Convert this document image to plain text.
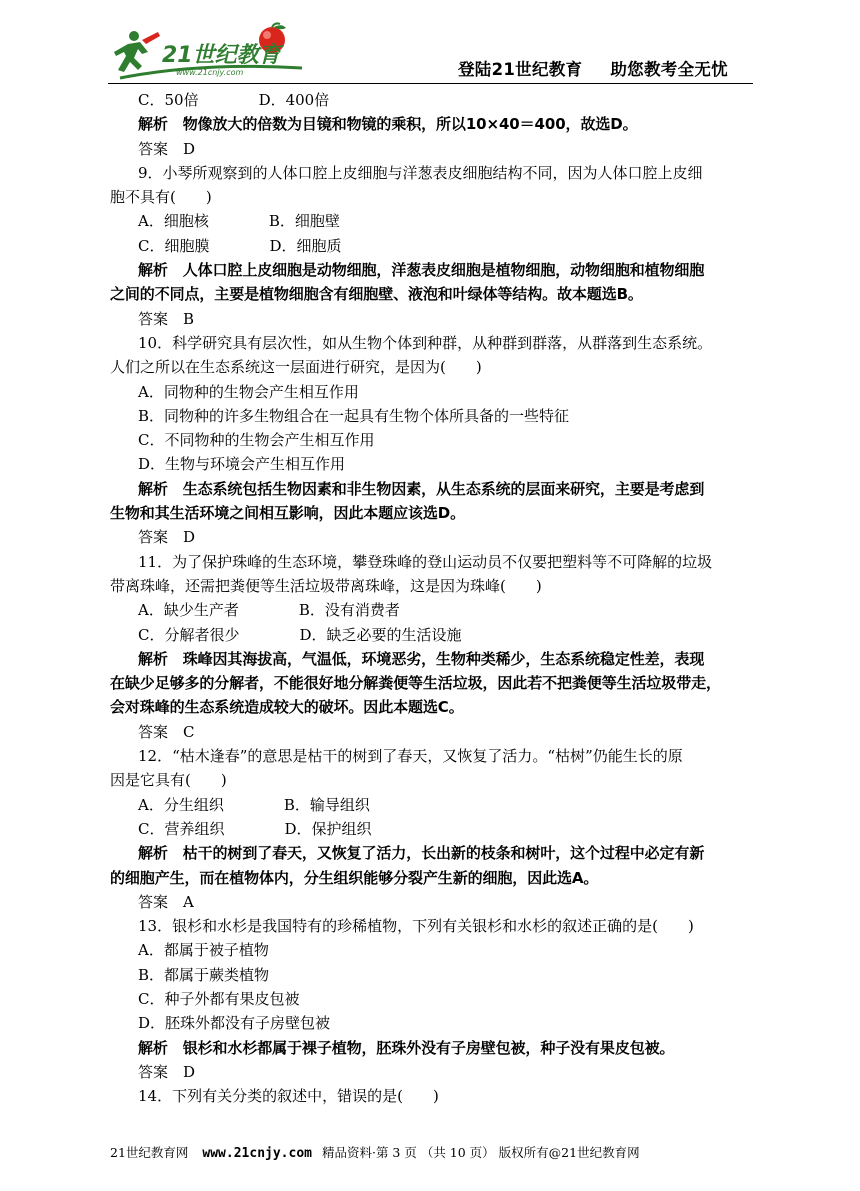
21世纪教育
www.21cnjy.com	登陆21世纪教育 助您教考全无忧
C．50倍　　　　D．400倍
解析　物像放大的倍数为目镜和物镜的乘积，所以10×40＝400，故选D。
答案　D
9．小琴所观察到的人体口腔上皮细胞与洋葱表皮细胞结构不同，因为人体口腔上皮细
胞不具有(　　)
A．细胞核　　　　B．细胞壁
C．细胞膜　　　　D．细胞质
解析　人体口腔上皮细胞是动物细胞，洋葱表皮细胞是植物细胞，动物细胞和植物细胞
之间的不同点，主要是植物细胞含有细胞壁、液泡和叶绿体等结构。故本题选B。
答案　B
10．科学研究具有层次性，如从生物个体到种群，从种群到群落，从群落到生态系统。
人们之所以在生态系统这一层面进行研究，是因为(　　)
A．同物种的生物会产生相互作用
B．同物种的许多生物组合在一起具有生物个体所具备的一些特征
C．不同物种的生物会产生相互作用
D．生物与环境会产生相互作用
解析　生态系统包括生物因素和非生物因素，从生态系统的层面来研究，主要是考虑到
生物和其生活环境之间相互影响，因此本题应该选D。
答案　D
11．为了保护珠峰的生态环境，攀登珠峰的登山运动员不仅要把塑料等不可降解的垃圾
带离珠峰，还需把粪便等生活垃圾带离珠峰，这是因为珠峰(　　)
A．缺少生产者　　　　B．没有消费者
C．分解者很少　　　　D．缺乏必要的生活设施
解析　珠峰因其海拔高，气温低，环境恶劣，生物种类稀少，生态系统稳定性差，表现
在缺少足够多的分解者，不能很好地分解粪便等生活垃圾，因此若不把粪便等生活垃圾带走，
会对珠峰的生态系统造成较大的破坏。因此本题选C。
答案　C
12．“枯木逢春”的意思是枯干的树到了春天，又恢复了活力。“枯树”仍能生长的原
因是它具有(　　)
A．分生组织　　　　B．输导组织
C．营养组织　　　　D．保护组织
解析　枯干的树到了春天，又恢复了活力，长出新的枝条和树叶，这个过程中必定有新
的细胞产生，而在植物体内，分生组织能够分裂产生新的细胞，因此选A。
答案　A
13．银杉和水杉是我国特有的珍稀植物，下列有关银杉和水杉的叙述正确的是(　　)
A．都属于被子植物
B．都属于蕨类植物
C．种子外都有果皮包被
D．胚珠外都没有子房壁包被
解析　银杉和水杉都属于裸子植物，胚珠外没有子房壁包被，种子没有果皮包被。
答案　D
14．下列有关分类的叙述中，错误的是(　　)
21世纪教育网 www.21cnjy.com 精品资料·第 3 页 （共 10 页） 版权所有@21世纪教育网
